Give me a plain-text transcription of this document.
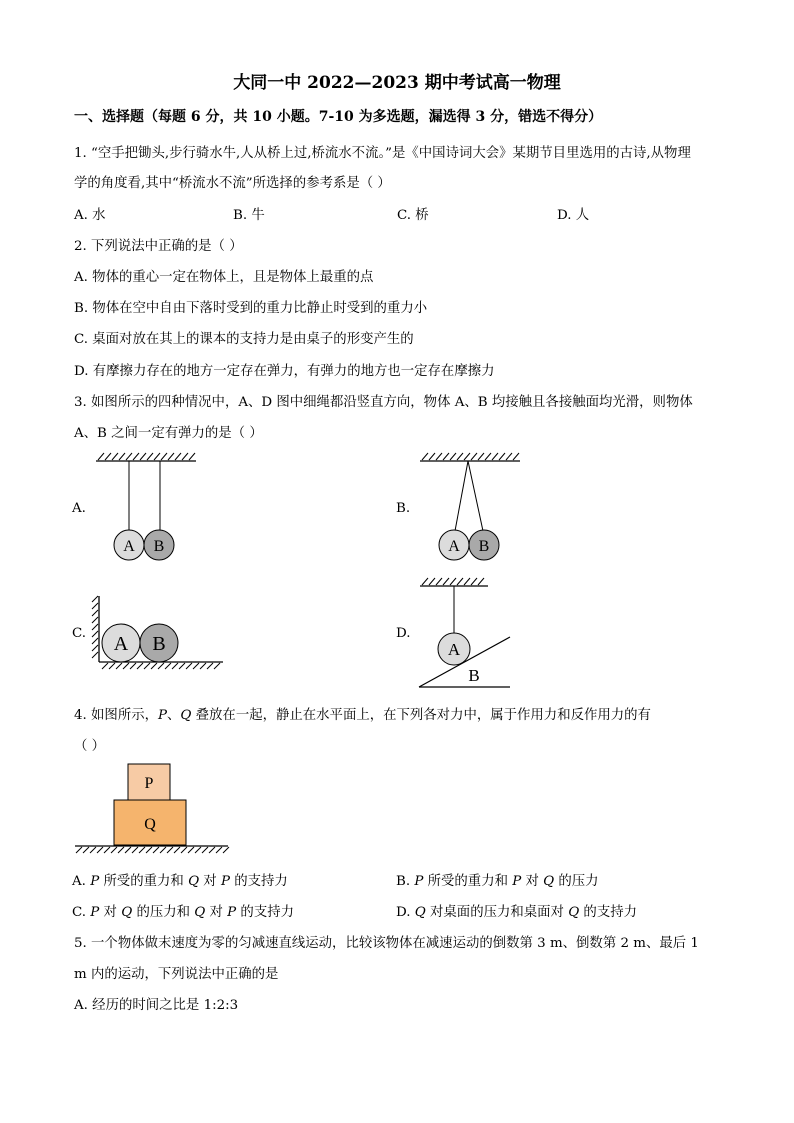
大同一中 2022—2023 期中考试高一物理
一、选择题（每题 6 分，共 10 小题。7-10 为多选题，漏选得 3 分，错选不得分）
1. “空手把锄头,步行骑水牛,人从桥上过,桥流水不流。”是《中国诗词大会》某期节目里选用的古诗,从物理
学的角度看,其中“桥流水不流”所选择的参考系是（ ）
A. 水	B. 牛	C. 桥	D. 人
2. 下列说法中正确的是（ ）
A. 物体的重心一定在物体上，且是物体上最重的点
B. 物体在空中自由下落时受到的重力比静止时受到的重力小
C. 桌面对放在其上的课本的支持力是由桌子的形变产生的
D. 有摩擦力存在的地方一定存在弹力，有弹力的地方也一定存在摩擦力
3. 如图所示的四种情况中，A、D 图中细绳都沿竖直方向，物体 A、B 均接触且各接触面均光滑，则物体
A、B 之间一定有弹力的是（ ）
A.	B.
C.	D.
A B	A B
A B	A
B
4. 如图所示，P、Q 叠放在一起，静止在水平面上，在下列各对力中，属于作用力和反作用力的有
（ ）
P
Q
A. P 所受的重力和 Q 对 P 的支持力	B. P 所受的重力和 P 对 Q 的压力
C. P 对 Q 的压力和 Q 对 P 的支持力	D. Q 对桌面的压力和桌面对 Q 的支持力
5. 一个物体做末速度为零的匀减速直线运动，比较该物体在减速运动的倒数第 3 m、倒数第 2 m、最后 1
m 内的运动，下列说法中正确的是
A. 经历的时间之比是 1:2:3
